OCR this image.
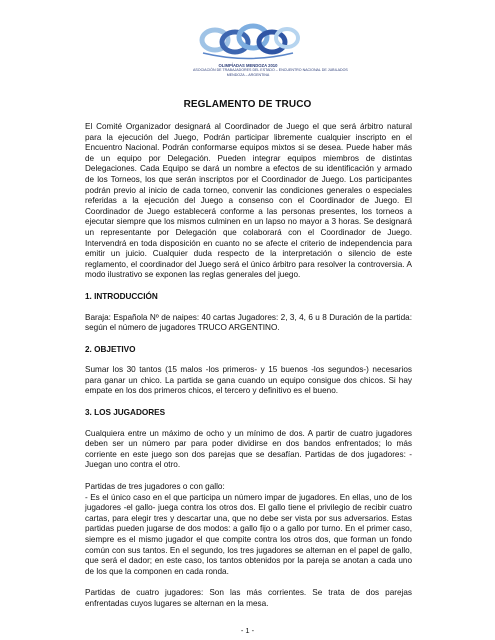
OLIMPÍADAS MENDOZA 2010
ASOCIACIÓN DE TRABAJADORES DEL ESTADO – ENCUENTRO NACIONAL DE JUBILADOS
MENDOZA – ARGENTINA
REGLAMENTO DE TRUCO

El Comité Organizador designará al Coordinador de Juego el que será árbitro natural para la ejecución del Juego, Podrán participar libremente cualquier inscripto en el Encuentro Nacional. Podrán conformarse equipos mixtos si se desea. Puede haber más de un equipo por Delegación. Pueden integrar equipos miembros de distintas Delegaciones. Cada Equipo se dará un nombre a efectos de su identificación y armado de los Torneos, los que serán inscriptos por el Coordinador de Juego. Los participantes podrán previo al inicio de cada torneo, convenir las condiciones generales o especiales referidas a la ejecución del Juego a consenso con el Coordinador de Juego. El Coordinador de Juego establecerá conforme a las personas presentes, los torneos a ejecutar siempre que los mismos culminen en un lapso no mayor a 3 horas. Se designará un representante por Delegación que colaborará con el Coordinador de Juego. Intervendrá en toda disposición en cuanto no se afecte el criterio de independencia para emitir un juicio. Cualquier duda respecto de la interpretación o silencio de este reglamento, el coordinador del Juego será el único árbitro para resolver la controversia. A modo ilustrativo se exponen las reglas generales del juego.

1. INTRODUCCIÓN

Baraja: Española Nº de naipes: 40 cartas Jugadores: 2, 3, 4, 6 u 8 Duración de la partida: según el número de jugadores TRUCO ARGENTINO.

2. OBJETIVO

Sumar los 30 tantos (15 malos -los primeros- y 15 buenos -los segundos-) necesarios para ganar un chico. La partida se gana cuando un equipo consigue dos chicos. Si hay empate en los dos primeros chicos, el tercero y definitivo es el bueno.

3. LOS JUGADORES

Cualquiera entre un máximo de ocho y un mínimo de dos. A partir de cuatro jugadores deben ser un número par para poder dividirse en dos bandos enfrentados; lo más corriente en este juego son dos parejas que se desafían. Partidas de dos jugadores: - Juegan uno contra el otro.

Partidas de tres jugadores o con gallo:

- Es el único caso en el que participa un número impar de jugadores. En ellas, uno de los jugadores -el gallo- juega contra los otros dos. El gallo tiene el privilegio de recibir cuatro cartas, para elegir tres y descartar una, que no debe ser vista por sus adversarios. Estas partidas pueden jugarse de dos modos: a gallo fijo o a gallo por turno. En el primer caso, siempre es el mismo jugador el que compite contra los otros dos, que forman un fondo común con sus tantos. En el segundo, los tres jugadores se alternan en el papel de gallo, que será el dador; en este caso, los tantos obtenidos por la pareja se anotan a cada uno de los que la componen en cada ronda.

Partidas de cuatro jugadores: Son las más corrientes. Se trata de dos parejas enfrentadas cuyos lugares se alternan en la mesa.

- 1 -
